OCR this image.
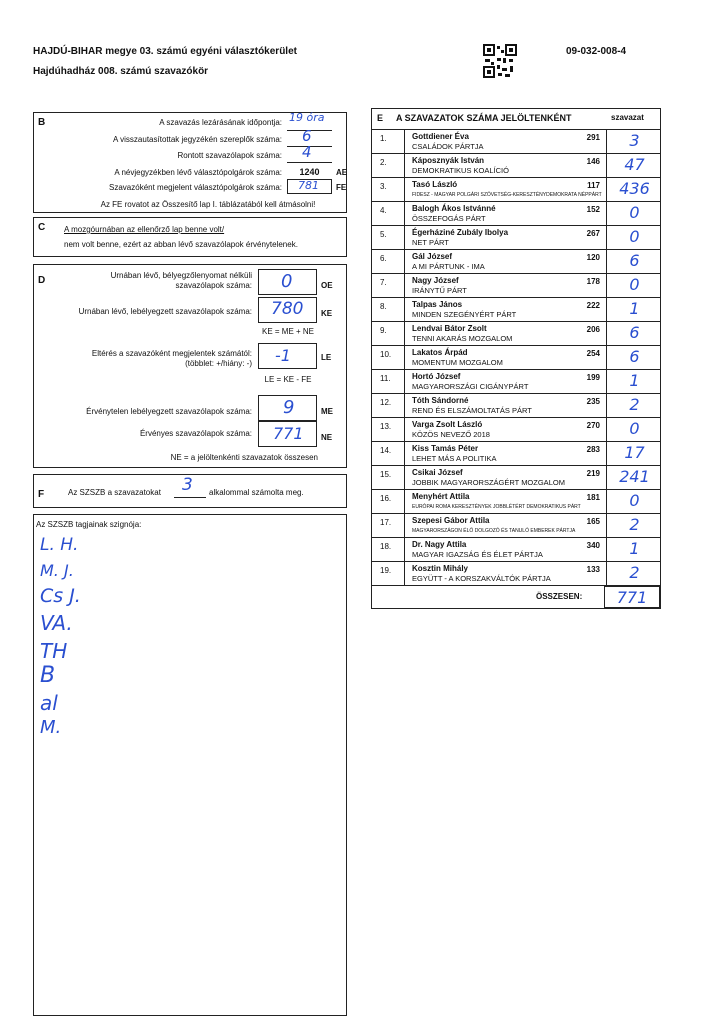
HAJDÚ-BIHAR megye 03. számú egyéni választókerület
Hajdúhadház 008. számú szavazókör
09-032-008-4
B	A szavazás lezárásának időpontja: 19 óra
A visszautasítottak jegyzékén szereplők száma: 6
Rontott szavazólapok száma: 4
A névjegyzékben lévő választópolgárok száma:	1240	AE
Szavazóként megjelent választópolgárok száma: 781 FE
Az FE rovatot az Összesítő lap I. táblázatából kell átmásolni!
C A mozgóurnában az ellenőrző lap benne volt/
nem volt benne, ezért az abban lévő szavazólapok érvénytelenek.
D	Urnában lévő, bélyegzőlenyomat nélküli
szavazólapok száma: 0	OE
Urnában lévő, lebélyegzett szavazólapok száma: 780 KE
KE = ME + NE
Eltérés a szavazóként megjelentek számától:
(többlet: +/hiány: -) -1	LE
LE = KE - FE
Érvénytelen lebélyegzett szavazólapok száma: 9	ME
Érvényes szavazólapok száma: 771 NE
NE = a jelöltenkénti szavazatok összesen
F	Az SZSZB a szavazatokat 3 alkalommal számolta meg.
Az SZSZB tagjainak szignója:
L. H.
M. J.
Cs J.
VA.
TH
B
al
M.
E A SZAVAZATOK SZÁMA JELÖLTENKÉNT	szavazat
1.	Gottdiener Éva
CSALÁDOK PÁRTJA
291	3
2.	Káposznyák István
DEMOKRATIKUS KOALÍCIÓ
146	47
3.	Tasó László
FIDESZ - MAGYAR POLGÁRI SZÖVETSÉG-KERESZTÉNYDEMOKRATA NÉPPÁRT
117	436
4.	Balogh Ákos Istvánné
ÖSSZEFOGÁS PÁRT
152	0
5.	Égerháziné Zubály Ibolya
NET PÁRT
267	0
6.	Gál József
A MI PÁRTUNK - IMA
120	6
7.	Nagy József
IRÁNYTŰ PÁRT
178	0
8.	Talpas János
MINDEN SZEGÉNYÉRT PÁRT
222	1
9.	Lendvai Bátor Zsolt
TENNI AKARÁS MOZGALOM
206	6
10.	Lakatos Árpád
MOMENTUM MOZGALOM
254	6
11.	Hortó József
MAGYARORSZÁGI CIGÁNYPÁRT
199	1
12.	Tóth Sándorné
REND ÉS ELSZÁMOLTATÁS PÁRT
235	2
13.	Varga Zsolt László
KÖZÖS NEVEZŐ 2018
270	0
14.	Kiss Tamás Péter
LEHET MÁS A POLITIKA
283	17
15.	Csikai József
JOBBIK MAGYARORSZÁGÉRT MOZGALOM
219	241
16.	Menyhért Attila
EURÓPAI ROMA KERESZTÉNYEK JOBBLÉTÉRT DEMOKRATIKUS PÁRT
181	0
17.	Szepesi Gábor Attila
MAGYARORSZÁGON ÉLŐ DOLGOZÓ ÉS TANULÓ EMBEREK PÁRTJA
165	2
18.	Dr. Nagy Attila
MAGYAR IGAZSÁG ÉS ÉLET PÁRTJA
340	1
19.	Kosztin Mihály
EGYÜTT - A KORSZAKVÁLTÓK PÁRTJA
133	2
ÖSSZESEN:	771
